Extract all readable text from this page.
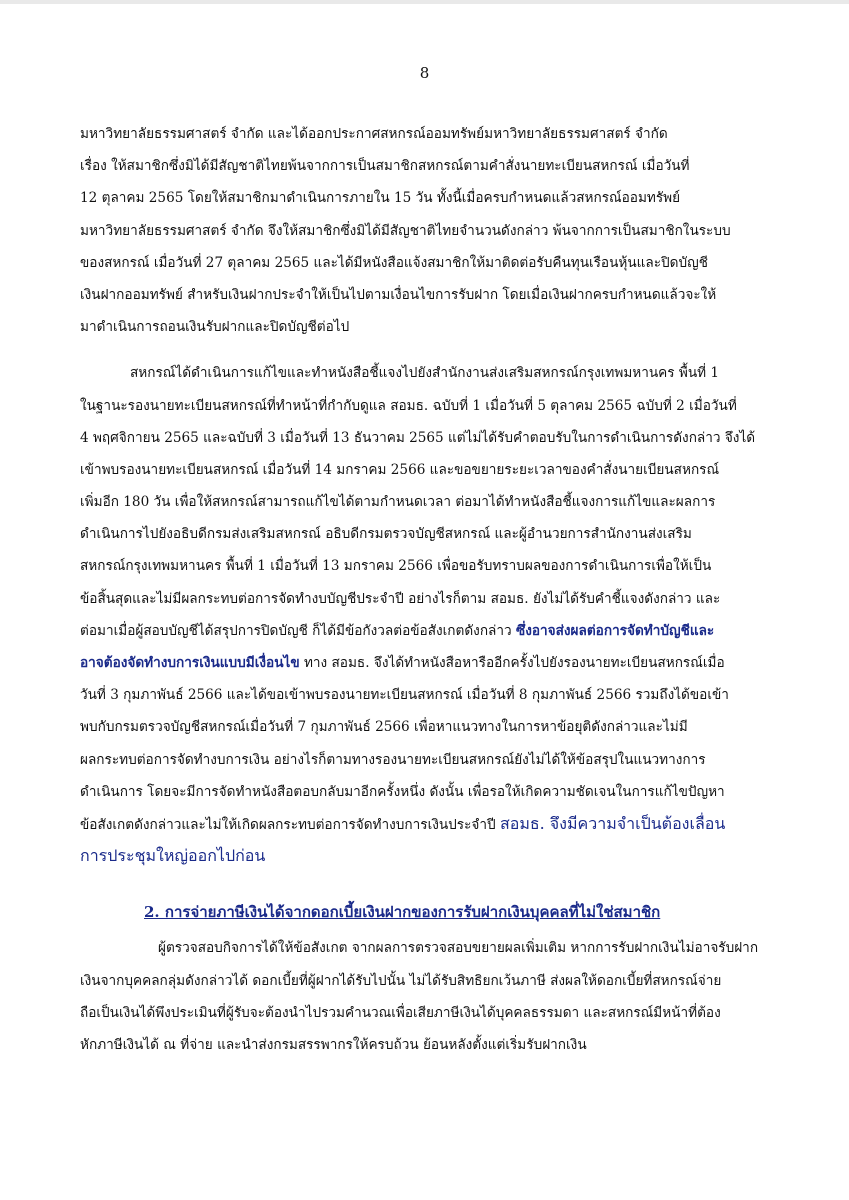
8
มหาวิทยาลัยธรรมศาสตร์ จำกัด และได้ออกประกาศสหกรณ์ออมทรัพย์มหาวิทยาลัยธรรมศาสตร์ จำกัด
เรื่อง ให้สมาชิกซึ่งมิได้มีสัญชาติไทยพ้นจากการเป็นสมาชิกสหกรณ์ตามคำสั่งนายทะเบียนสหกรณ์ เมื่อวันที่
12 ตุลาคม 2565 โดยให้สมาชิกมาดำเนินการภายใน 15 วัน ทั้งนี้เมื่อครบกำหนดแล้วสหกรณ์ออมทรัพย์
มหาวิทยาลัยธรรมศาสตร์ จำกัด จึงให้สมาชิกซึ่งมิได้มีสัญชาติไทยจำนวนดังกล่าว พ้นจากการเป็นสมาชิกในระบบ
ของสหกรณ์ เมื่อวันที่ 27 ตุลาคม 2565 และได้มีหนังสือแจ้งสมาชิกให้มาติดต่อรับคืนทุนเรือนหุ้นและปิดบัญชี
เงินฝากออมทรัพย์ สำหรับเงินฝากประจำให้เป็นไปตามเงื่อนไขการรับฝาก โดยเมื่อเงินฝากครบกำหนดแล้วจะให้
มาดำเนินการถอนเงินรับฝากและปิดบัญชีต่อไป
สหกรณ์ได้ดำเนินการแก้ไขและทำหนังสือชี้แจงไปยังสำนักงานส่งเสริมสหกรณ์กรุงเทพมหานคร พื้นที่ 1
ในฐานะรองนายทะเบียนสหกรณ์ที่ทำหน้าที่กำกับดูแล สอมธ. ฉบับที่ 1 เมื่อวันที่ 5 ตุลาคม 2565 ฉบับที่ 2 เมื่อวันที่
4 พฤศจิกายน 2565 และฉบับที่ 3 เมื่อวันที่ 13 ธันวาคม 2565 แต่ไม่ได้รับคำตอบรับในการดำเนินการดังกล่าว จึงได้
เข้าพบรองนายทะเบียนสหกรณ์ เมื่อวันที่ 14 มกราคม 2566 และขอขยายระยะเวลาของคำสั่งนายเบียนสหกรณ์
เพิ่มอีก 180 วัน เพื่อให้สหกรณ์สามารถแก้ไขได้ตามกำหนดเวลา ต่อมาได้ทำหนังสือชี้แจงการแก้ไขและผลการ
ดำเนินการไปยังอธิบดีกรมส่งเสริมสหกรณ์ อธิบดีกรมตรวจบัญชีสหกรณ์ และผู้อำนวยการสำนักงานส่งเสริม
สหกรณ์กรุงเทพมหานคร พื้นที่ 1 เมื่อวันที่ 13 มกราคม 2566 เพื่อขอรับทราบผลของการดำเนินการเพื่อให้เป็น
ข้อสิ้นสุดและไม่มีผลกระทบต่อการจัดทำงบบัญชีประจำปี อย่างไรก็ตาม สอมธ. ยังไม่ได้รับคำชี้แจงดังกล่าว และ
ต่อมาเมื่อผู้สอบบัญชีได้สรุปการปิดบัญชี ก็ได้มีข้อกังวลต่อข้อสังเกตดังกล่าว ซึ่งอาจส่งผลต่อการจัดทำบัญชีและ
อาจต้องจัดทำงบการเงินแบบมีเงื่อนไข ทาง สอมธ. จึงได้ทำหนังสือหารืออีกครั้งไปยังรองนายทะเบียนสหกรณ์เมื่อ
วันที่ 3 กุมภาพันธ์ 2566 และได้ขอเข้าพบรองนายทะเบียนสหกรณ์ เมื่อวันที่ 8 กุมภาพันธ์ 2566 รวมถึงได้ขอเข้า
พบกับกรมตรวจบัญชีสหกรณ์เมื่อวันที่ 7 กุมภาพันธ์ 2566 เพื่อหาแนวทางในการหาข้อยุติดังกล่าวและไม่มี
ผลกระทบต่อการจัดทำงบการเงิน อย่างไรก็ตามทางรองนายทะเบียนสหกรณ์ยังไม่ได้ให้ข้อสรุปในแนวทางการ
ดำเนินการ โดยจะมีการจัดทำหนังสือตอบกลับมาอีกครั้งหนึ่ง ดังนั้น เพื่อรอให้เกิดความชัดเจนในการแก้ไขปัญหา
ข้อสังเกตดังกล่าวและไม่ให้เกิดผลกระทบต่อการจัดทำงบการเงินประจำปี สอมธ. จึงมีความจำเป็นต้องเลื่อน
การประชุมใหญ่ออกไปก่อน
2. การจ่ายภาษีเงินได้จากดอกเบี้ยเงินฝากของการรับฝากเงินบุคคลที่ไม่ใช่สมาชิก
ผู้ตรวจสอบกิจการได้ให้ข้อสังเกต จากผลการตรวจสอบขยายผลเพิ่มเติม หากการรับฝากเงินไม่อาจรับฝาก
เงินจากบุคคลกลุ่มดังกล่าวได้ ดอกเบี้ยที่ผู้ฝากได้รับไปนั้น ไม่ได้รับสิทธิยกเว้นภาษี ส่งผลให้ดอกเบี้ยที่สหกรณ์จ่าย
ถือเป็นเงินได้พึงประเมินที่ผู้รับจะต้องนำไปรวมคำนวณเพื่อเสียภาษีเงินได้บุคคลธรรมดา และสหกรณ์มีหน้าที่ต้อง
หักภาษีเงินได้ ณ ที่จ่าย และนำส่งกรมสรรพากรให้ครบถ้วน ย้อนหลังตั้งแต่เริ่มรับฝากเงิน
